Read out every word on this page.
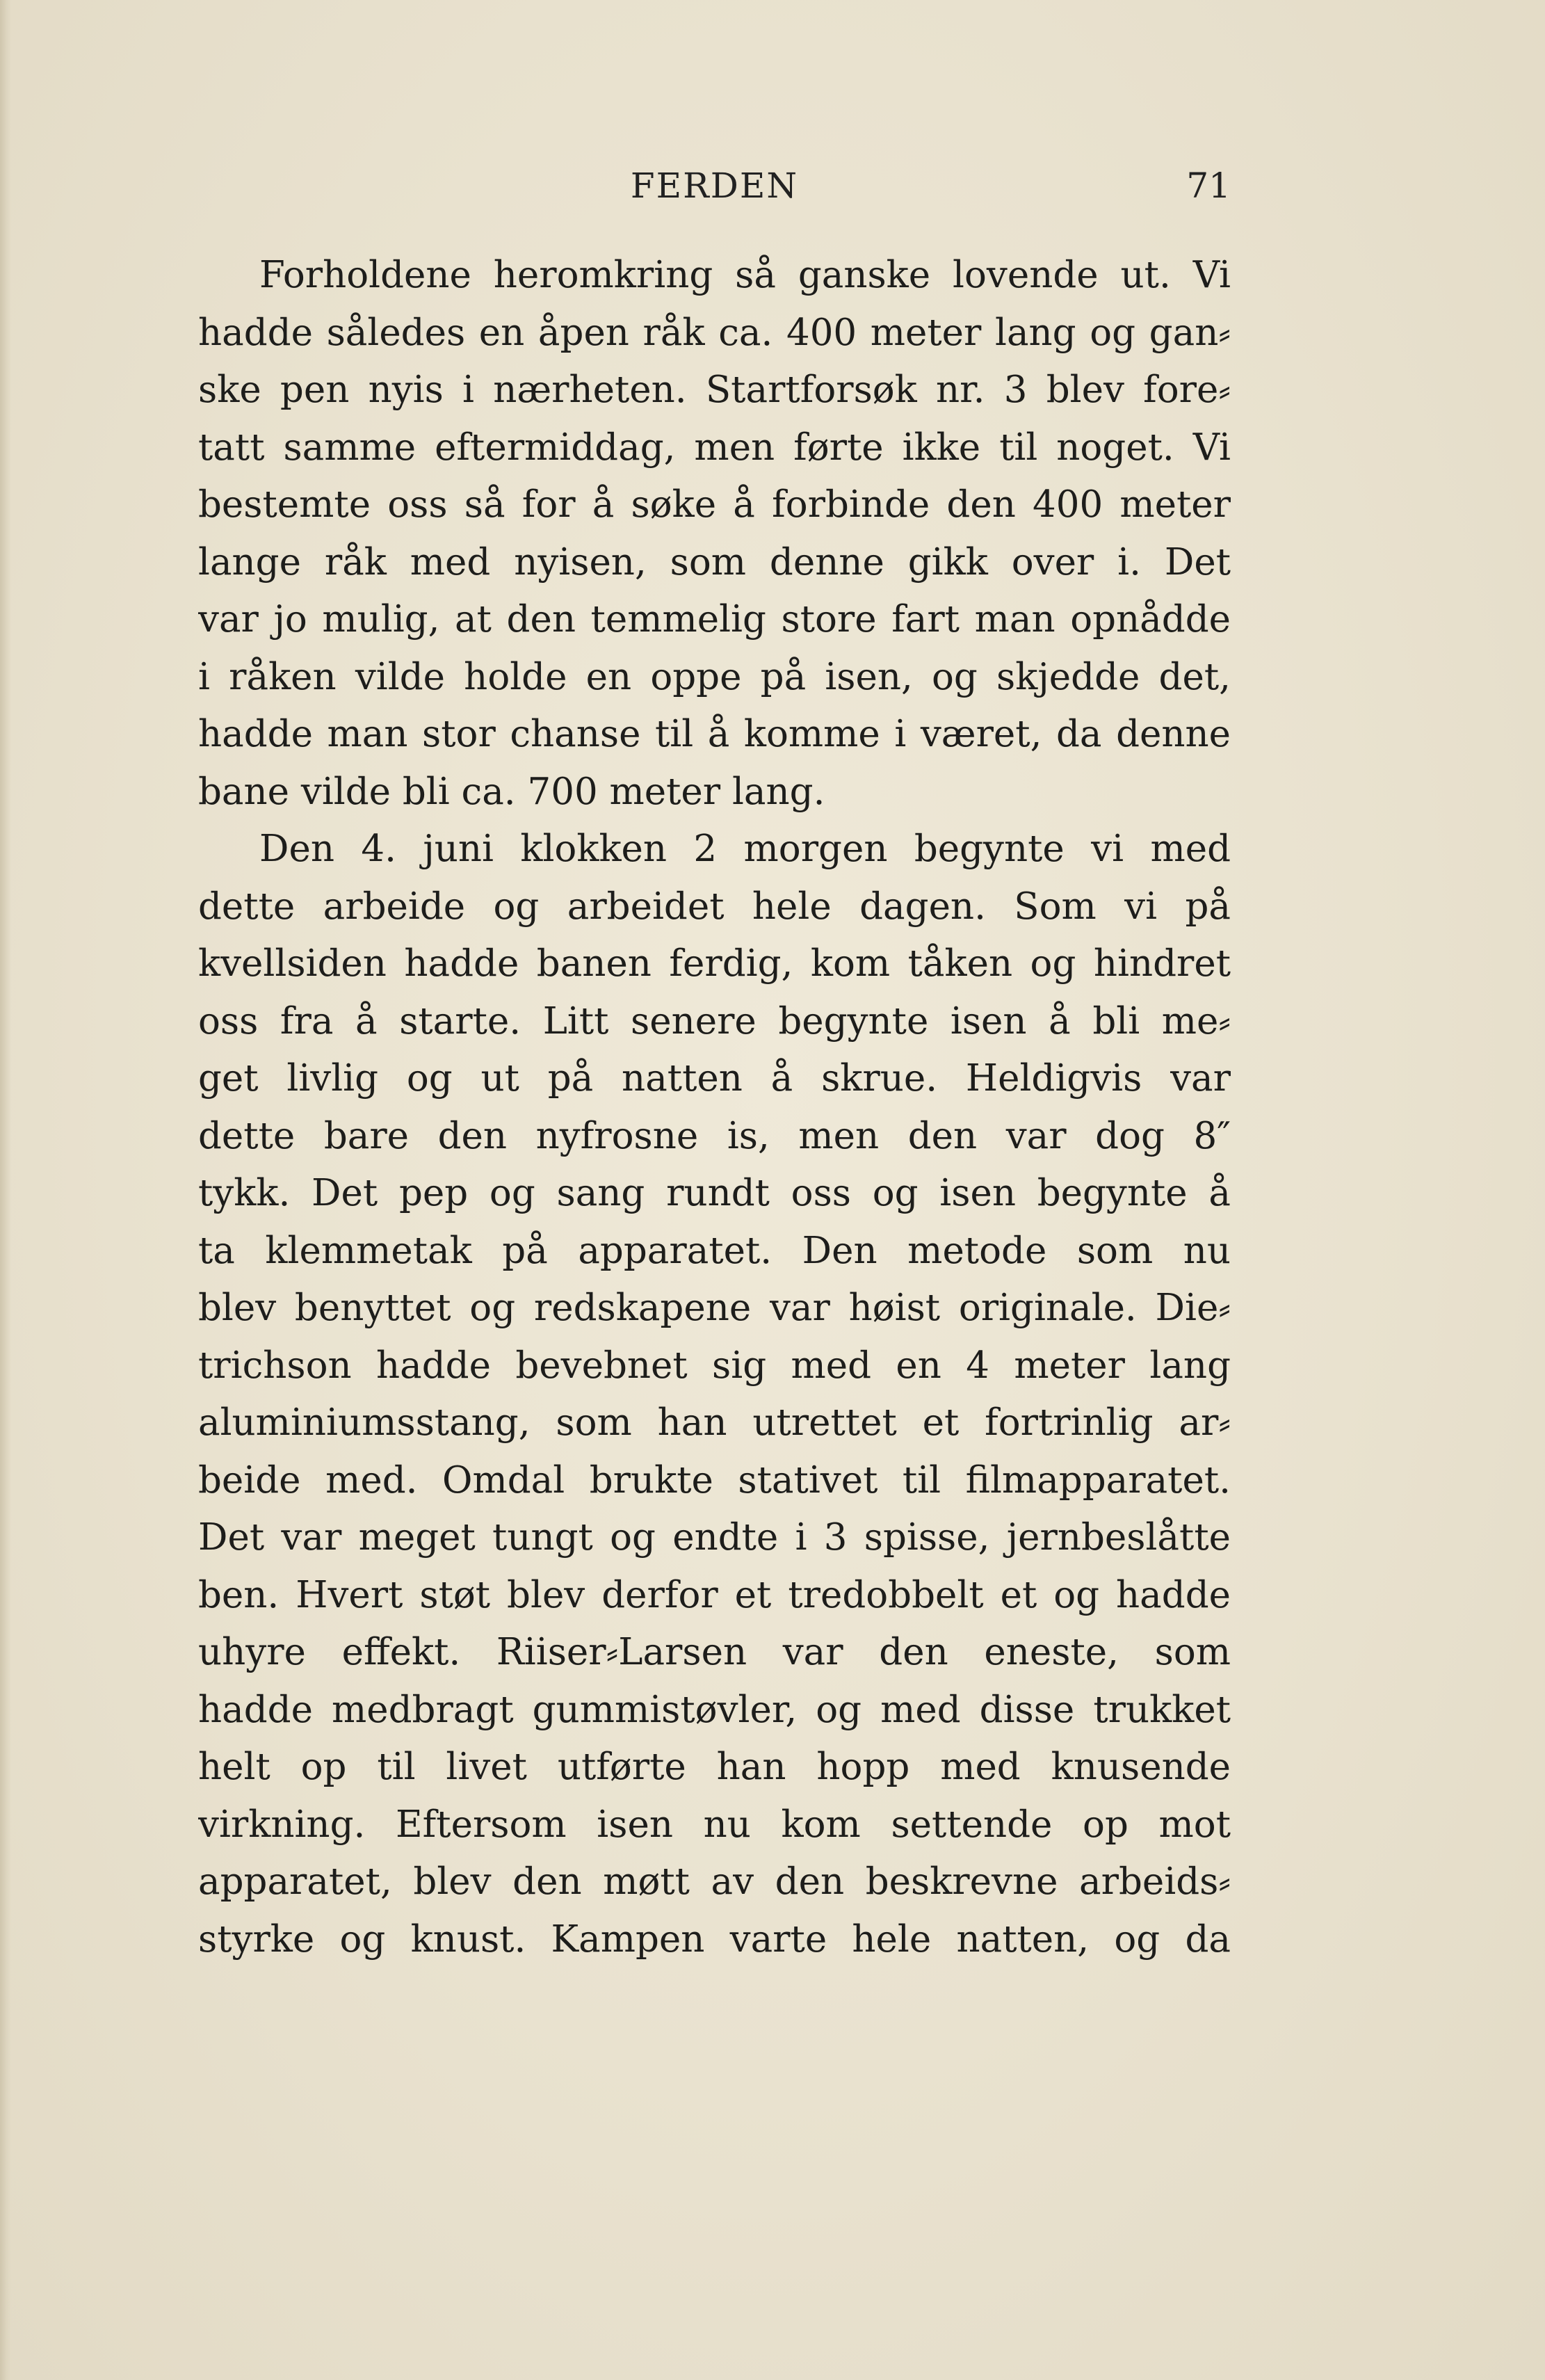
FERDEN	71
Forholdene heromkring så ganske lovende ut. Vi
hadde således en åpen råk ca. 400 meter lang og gan⸗
ske pen nyis i nærheten. Startforsøk nr. 3 blev fore⸗
tatt samme eftermiddag, men førte ikke til noget. Vi
bestemte oss så for å søke å forbinde den 400 meter
lange råk med nyisen, som denne gikk over i. Det
var jo mulig, at den temmelig store fart man opnådde
i råken vilde holde en oppe på isen, og skjedde det,
hadde man stor chanse til å komme i været, da denne
bane vilde bli ca. 700 meter lang.
Den 4. juni klokken 2 morgen begynte vi med
dette arbeide og arbeidet hele dagen. Som vi på
kvellsiden hadde banen ferdig, kom tåken og hindret
oss fra å starte. Litt senere begynte isen å bli me⸗
get livlig og ut på natten å skrue. Heldigvis var
dette bare den nyfrosne is, men den var dog 8″
tykk. Det pep og sang rundt oss og isen begynte å
ta klemmetak på apparatet. Den metode som nu
blev benyttet og redskapene var høist originale. Die⸗
trichson hadde bevebnet sig med en 4 meter lang
aluminiumsstang, som han utrettet et fortrinlig ar⸗
beide med. Omdal brukte stativet til filmapparatet.
Det var meget tungt og endte i 3 spisse, jernbeslåtte
ben. Hvert støt blev derfor et tredobbelt et og hadde
uhyre effekt. Riiser⸗Larsen var den eneste, som
hadde medbragt gummistøvler, og med disse trukket
helt op til livet utførte han hopp med knusende
virkning. Eftersom isen nu kom settende op mot
apparatet, blev den møtt av den beskrevne arbeids⸗
styrke og knust. Kampen varte hele natten, og da
